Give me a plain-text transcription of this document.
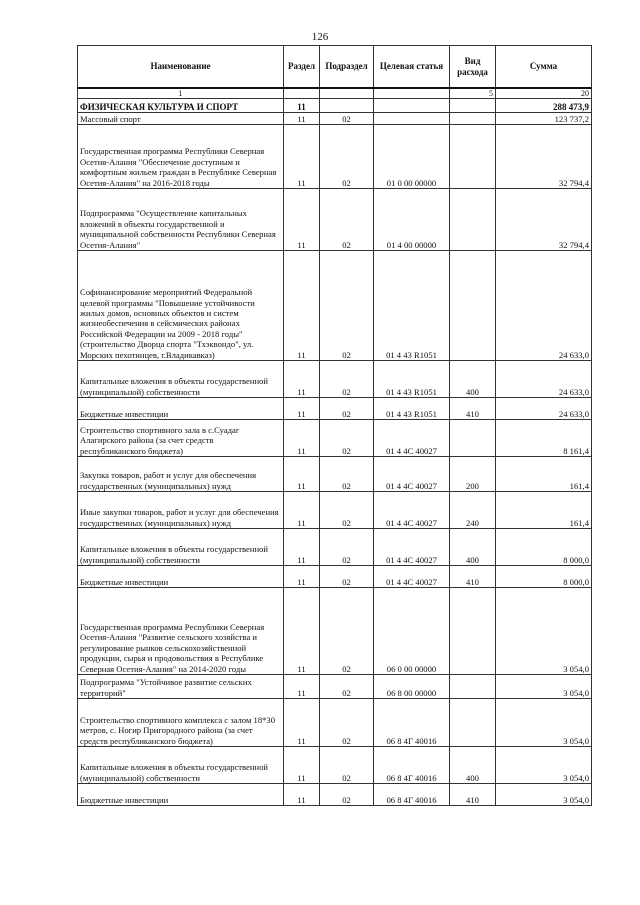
126
Наименование	Раздел	Подраздел	Целевая статья	Вид расхода	Сумма
1				5	20
ФИЗИЧЕСКАЯ КУЛЬТУРА И СПОРТ	11				288 473,9
Массовый спорт	11	02			123 737,2
Государственная программа Республики Северная Осетия-Алания "Обеспечение доступным и комфортным жильем граждан в Республике Северная Осетия-Алания" на 2016-2018 годы	11	02	01 0 00 00000		32 794,4
Подпрограмма "Осуществление капитальных вложений в объекты государственной и муниципальной собственности Республики Северная Осетия-Алания"	11	02	01 4 00 00000		32 794,4
Софинансирование мероприятий Федеральной целевой программы "Повышение устойчивости жилых домов, основных объектов и систем жизнеобеспечения в сейсмических районах Российской Федерации на 2009 - 2018 годы" (строительство Дворца спорта "Тхэквондо", ул. Морских пехотинцев, г.Владикавказ)	11	02	01 4 43 R1051		24 633,0
Капитальные вложения в объекты государственной (муниципальной) собственности	11	02	01 4 43 R1051	400	24 633,0
Бюджетные инвестиции	11	02	01 4 43 R1051	410	24 633,0
Строительство спортивного зала в с.Суадаг Алагирского района (за счет средств республиканского бюджета)	11	02	01 4 4С 40027		8 161,4
Закупка товаров, работ и услуг для обеспечения государственных (муниципальных) нужд	11	02	01 4 4С 40027	200	161,4
Иные закупки товаров, работ и услуг для обеспечения государственных (муниципальных) нужд	11	02	01 4 4С 40027	240	161,4
Капитальные вложения в объекты государственной (муниципальной) собственности	11	02	01 4 4С 40027	400	8 000,0
Бюджетные инвестиции	11	02	01 4 4С 40027	410	8 000,0
Государственная программа Республики Северная Осетия-Алания "Развитие сельского хозяйства и регулирование рынков сельскохозяйственной продукции, сырья и продовольствия в Республике Северная Осетия-Алания" на 2014-2020 годы	11	02	06 0 00 00000		3 054,0
Подпрограмма "Устойчивое развитие сельских территорий"	11	02	06 8 00 00000		3 054,0
Строительство спортивного комплекса с залом 18*30 метров, с. Ногир Пригородного района (за счет средств республиканского бюджета)	11	02	06 8 4Г 40016		3 054,0
Капитальные вложения в объекты государственной (муниципальной) собственности	11	02	06 8 4Г 40016	400	3 054,0
Бюджетные инвестиции	11	02	06 8 4Г 40016	410	3 054,0
